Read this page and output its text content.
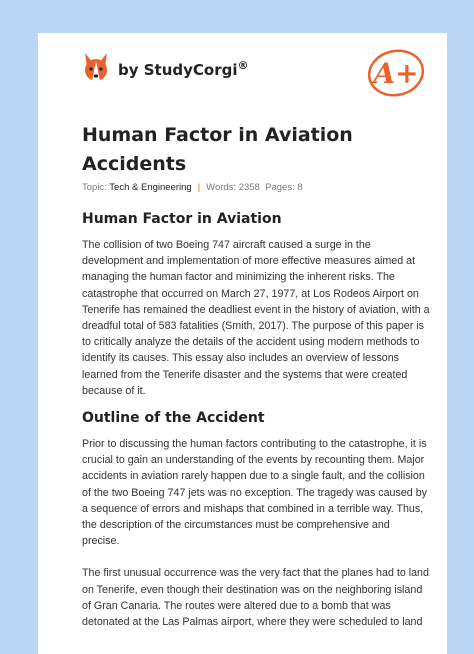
by StudyCorgi®	A+
Human Factor in Aviation Accidents
Topic: Tech & Engineering | Words: 2358 Pages: 8
Human Factor in Aviation

The collision of two Boeing 747 aircraft caused a surge in the development and implementation of more effective measures aimed at managing the human factor and minimizing the inherent risks. The catastrophe that occurred on March 27, 1977, at Los Rodeos Airport on Tenerife has remained the deadliest event in the history of aviation, with a dreadful total of 583 fatalities (Smith, 2017). The purpose of this paper is to critically analyze the details of the accident using modern methods to identify its causes. This essay also includes an overview of lessons learned from the Tenerife disaster and the systems that were created because of it.

Outline of the Accident

Prior to discussing the human factors contributing to the catastrophe, it is crucial to gain an understanding of the events by recounting them. Major accidents in aviation rarely happen due to a single fault, and the collision of the two Boeing 747 jets was no exception. The tragedy was caused by a sequence of errors and mishaps that combined in a terrible way. Thus, the description of the circumstances must be comprehensive and precise.

The first unusual occurrence was the very fact that the planes had to land on Tenerife, even though their destination was on the neighboring island of Gran Canaria. The routes were altered due to a bomb that was detonated at the Las Palmas airport, where they were scheduled to land
